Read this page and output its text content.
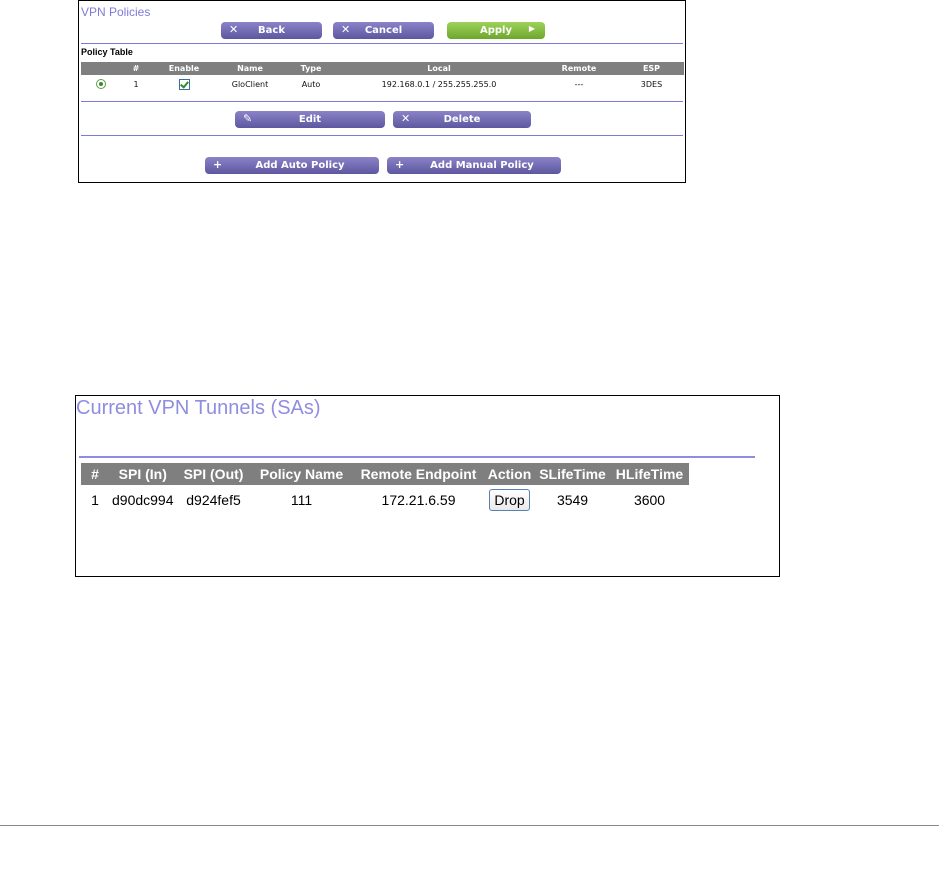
VPN Policies
✕	Back	✕	Cancel	Apply	▶
Policy Table
	#	Enable	Name	Type	Local	Remote	ESP
	1		GloClient	Auto	192.168.0.1 / 255.255.255.0	---	3DES
✎	Edit	✕	Delete
+	Add Auto Policy	+	Add Manual Policy
Current VPN Tunnels (SAs)
#	SPI (In)	SPI (Out)	Policy Name	Remote Endpoint	Action	SLifeTime	HLifeTime
1	d90dc994	d924fef5	111	172.21.6.59	Drop	3549	3600
